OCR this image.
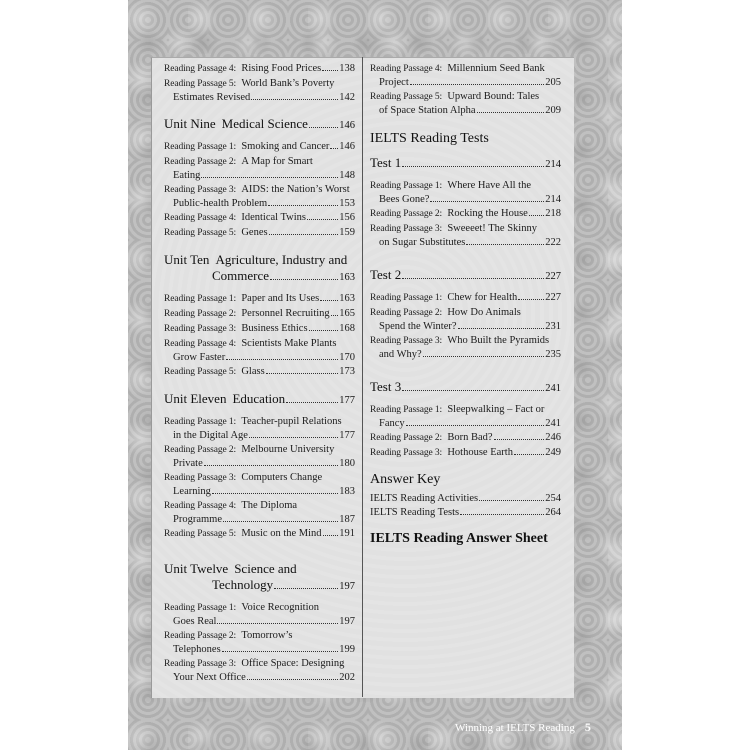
Reading Passage 4: Rising Food Prices 138
Reading Passage 5: World Bank’s Poverty
Estimates Revised	142
Unit Nine Medical Science	146
Reading Passage 1: Smoking and Cancer 146
Reading Passage 2: A Map for Smart
Eating	148
Reading Passage 3: AIDS: the Nation’s Worst
Public-health Problem	153
Reading Passage 4: Identical Twins	156
Reading Passage 5: Genes	159
Unit Ten Agriculture, Industry and
Commerce	163
Reading Passage 1: Paper and Its Uses 163
Reading Passage 2: Personnel Recruiting 165
Reading Passage 3: Business Ethics	168
Reading Passage 4: Scientists Make Plants
Grow Faster	170
Reading Passage 5: Glass	173
Unit Eleven Education	177
Reading Passage 1: Teacher-pupil Relations
in the Digital Age	177
Reading Passage 2: Melbourne University
Private	180
Reading Passage 3: Computers Change
Learning	183
Reading Passage 4: The Diploma
Programme	187
Reading Passage 5: Music on the Mind 191
Unit Twelve Science and
Technology	197
Reading Passage 1: Voice Recognition
Goes Real	197
Reading Passage 2: Tomorrow’s
Telephones	199
Reading Passage 3: Office Space: Designing
Your Next Office	202
Reading Passage 4: Millennium Seed Bank
Project	205
Reading Passage 5: Upward Bound: Tales
of Space Station Alpha	209
IELTS Reading Tests
Test 1	214
Reading Passage 1: Where Have All the
Bees Gone?	214
Reading Passage 2: Rocking the House 218
Reading Passage 3: Sweeeet! The Skinny
on Sugar Substitutes	222
Test 2	227
Reading Passage 1: Chew for Health	227
Reading Passage 2: How Do Animals
Spend the Winter?	231
Reading Passage 3: Who Built the Pyramids
and Why?	235
Test 3	241
Reading Passage 1: Sleepwalking – Fact or
Fancy	241
Reading Passage 2: Born Bad?	246
Reading Passage 3: Hothouse Earth	249
Answer Key
IELTS Reading Activities	254
IELTS Reading Tests	264
IELTS Reading Answer Sheet
Winning at IELTS Reading 5
